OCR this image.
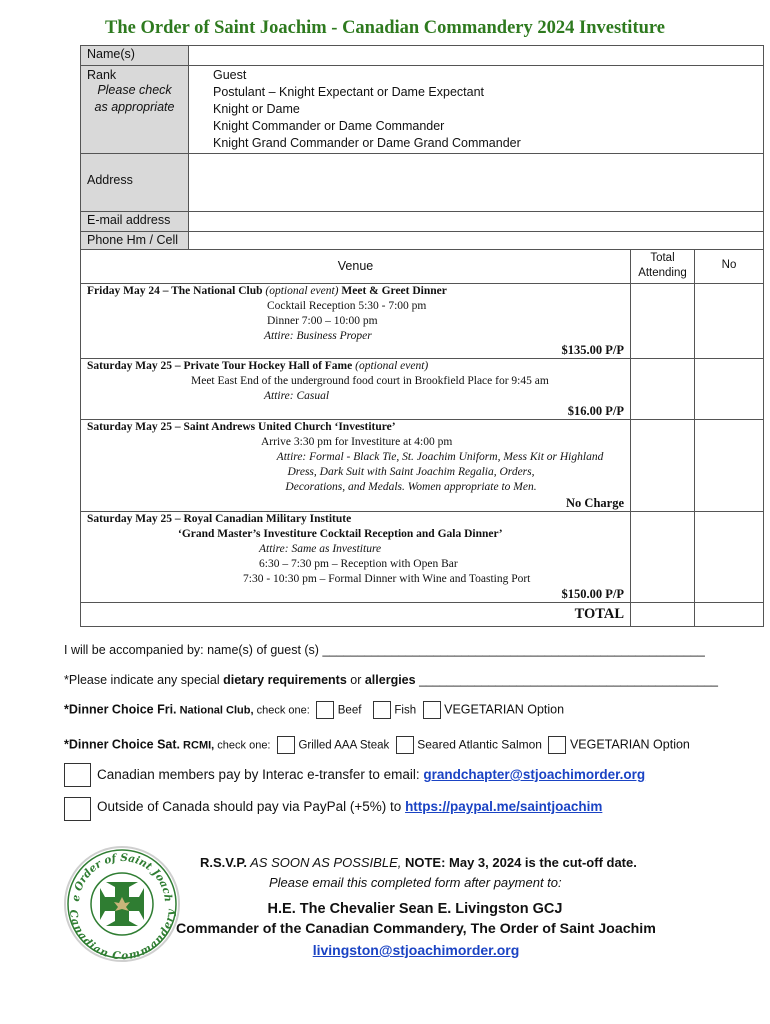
The Order of Saint Joachim - Canadian Commandery 2024 Investiture
Name(s)
Rank
Please check
as appropriate
Guest
Postulant – Knight Expectant or Dame Expectant
Knight or Dame
Knight Commander or Dame Commander
Knight Grand Commander or Dame Grand Commander
Address
E-mail address
Phone Hm / Cell
Venue
Total
Attending
No
Friday May 24 – The National Club (optional event) Meet & Greet Dinner
Cocktail Reception 5:30 - 7:00 pm
Dinner 7:00 – 10:00 pm
Attire: Business Proper
$135.00 P/P
Saturday May 25 – Private Tour Hockey Hall of Fame (optional event)
Meet East End of the underground food court in Brookfield Place for 9:45 am
Attire: Casual
$16.00 P/P
Saturday May 25 – Saint Andrews United Church ‘Investiture’
Arrive 3:30 pm for Investiture at 4:00 pm
Attire: Formal - Black Tie, St. Joachim Uniform, Mess Kit or Highland
Dress, Dark Suit with Saint Joachim Regalia, Orders,
Decorations, and Medals. Women appropriate to Men.
No Charge
Saturday May 25 – Royal Canadian Military Institute
‘Grand Master’s Investiture Cocktail Reception and Gala Dinner’
Attire: Same as Investiture
6:30 – 7:30 pm – Reception with Open Bar
7:30 - 10:30 pm – Formal Dinner with Wine and Toasting Port
$150.00 P/P
TOTAL
I will be accompanied by: name(s) of guest (s) _______________________________________________________
*Please indicate any special dietary requirements or allergies ___________________________________________
*Dinner Choice Fri. National Club, check one: Beef	Fish VEGETARIAN Option
*Dinner Choice Sat. RCMI, check one: Grilled AAA Steak Seared Atlantic Salmon VEGETARIAN Option
Canadian members pay by Interac e-transfer to email: grandchapter@stjoachimorder.org
Outside of Canada should pay via PayPal (+5%) to https://paypal.me/saintjoachim
e Order of Saint Joach
Canadian Commandery
R.S.V.P. AS SOON AS POSSIBLE, NOTE: May 3, 2024 is the cut-off date.
Please email this completed form after payment to:
H.E. The Chevalier Sean E. Livingston GCJ
Commander of the Canadian Commandery, The Order of Saint Joachim
livingston@stjoachimorder.org
